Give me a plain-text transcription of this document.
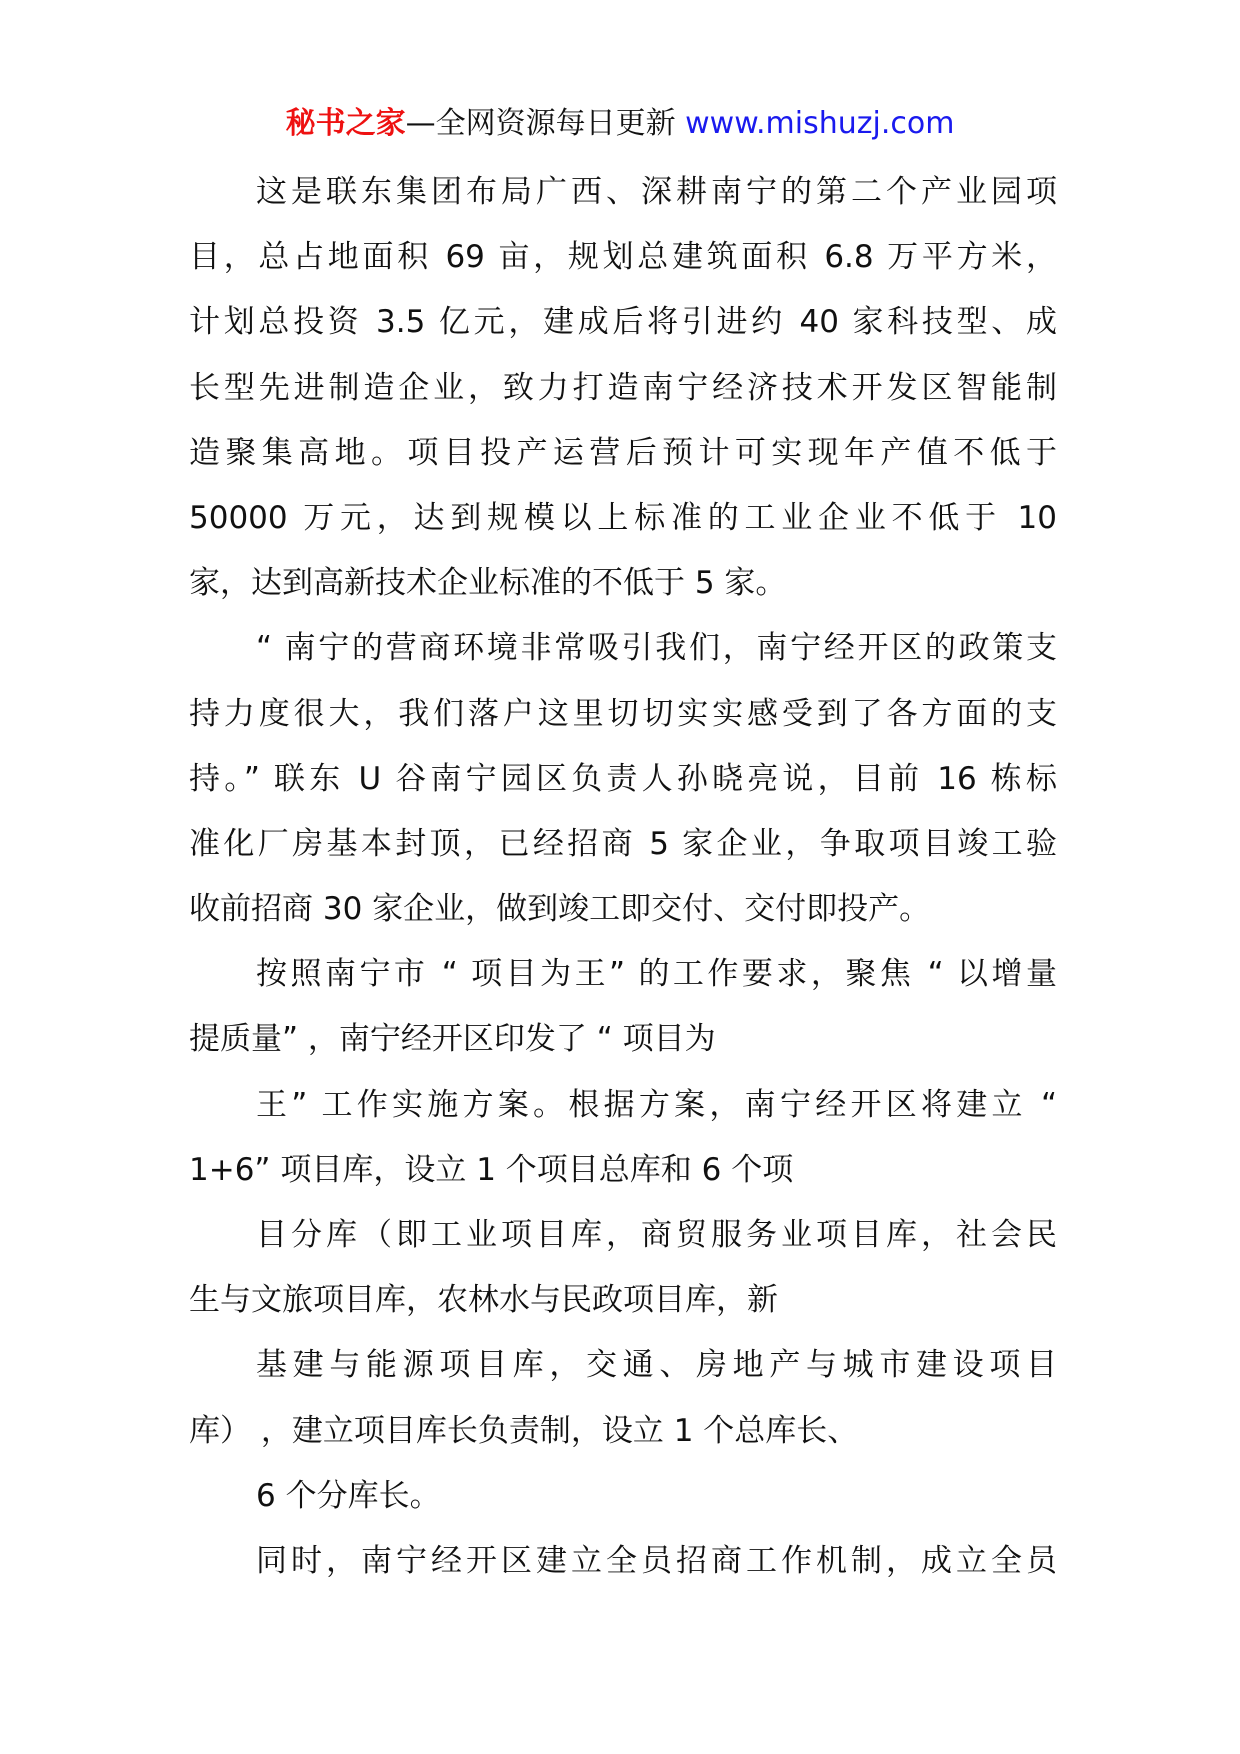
秘书之家—全网资源每日更新 www.mishuzj.com
这是联东集团布局广西、深耕南宁的第二个产业园项
目，总占地面积 69 亩，规划总建筑面积 6.8 万平方米，
计划总投资 3.5 亿元，建成后将引进约 40 家科技型、成
长型先进制造企业，致力打造南宁经济技术开发区智能制
造聚集高地。项目投产运营后预计可实现年产值不低于
50000 万元，达到规模以上标准的工业企业不低于 10
家，达到高新技术企业标准的不低于 5 家。
“ 南宁的营商环境非常吸引我们，南宁经开区的政策支
持力度很大，我们落户这里切切实实感受到了各方面的支
持。” 联东 U 谷南宁园区负责人孙晓亮说，目前 16 栋标
准化厂房基本封顶，已经招商 5 家企业，争取项目竣工验
收前招商 30 家企业，做到竣工即交付、交付即投产。
按照南宁市 “ 项目为王” 的工作要求，聚焦 “ 以增量
提质量” ，南宁经开区印发了 “ 项目为
王” 工作实施方案。根据方案，南宁经开区将建立 “
1+6” 项目库，设立 1 个项目总库和 6 个项
目分库（即工业项目库，商贸服务业项目库，社会民
生与文旅项目库，农林水与民政项目库，新
基建与能源项目库，交通、房地产与城市建设项目
库） ，建立项目库长负责制，设立 1 个总库长、
6 个分库长。
同时，南宁经开区建立全员招商工作机制，成立全员
